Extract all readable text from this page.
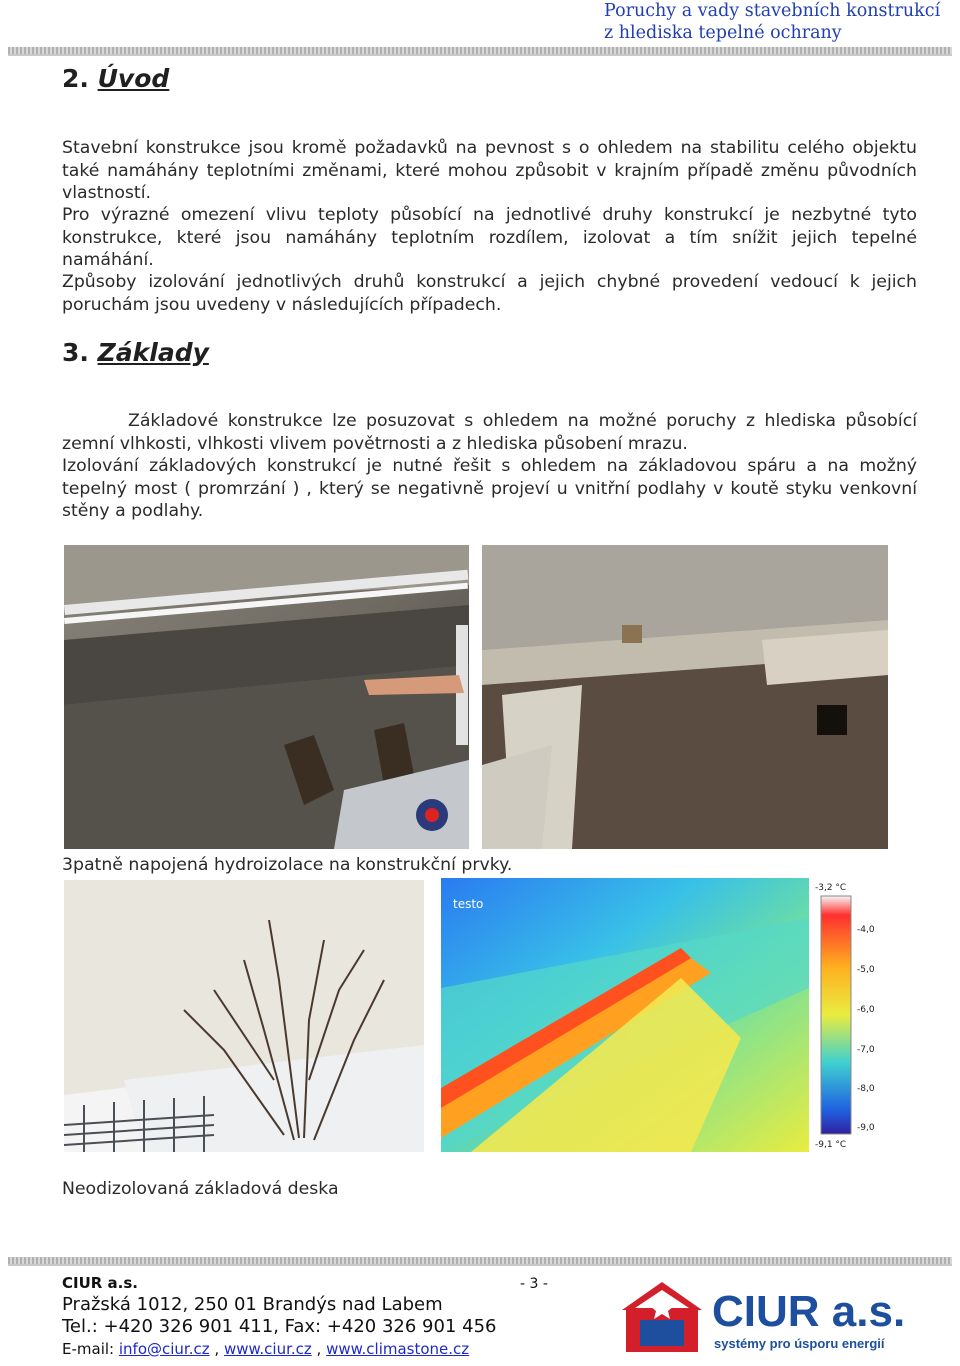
Poruchy a vady stavebních konstrukcí
z hlediska tepelné ochrany
2. Úvod

Stavební konstrukce jsou kromě požadavků na pevnost s o ohledem na stabilitu celého objektu také namáhány teplotními změnami, které mohou způsobit v krajním případě změnu původních vlastností.

Pro výrazné omezení vlivu teploty působící na jednotlivé druhy konstrukcí je nezbytné tyto konstrukce, které jsou namáhány teplotním rozdílem, izolovat a tím snížit jejich tepelné namáhání.

Způsoby izolování jednotlivých druhů konstrukcí a jejich chybné provedení vedoucí k jejich poruchám jsou uvedeny v následujících případech.

3. Základy

Základové konstrukce lze posuzovat s ohledem na možné poruchy z hlediska působící zemní vlhkosti, vlhkosti vlivem povětrnosti a z hlediska působení mrazu.

Izolování základových konstrukcí je nutné řešit s ohledem na základovou spáru a na možný tepelný most ( promrzání ) , který se negativně projeví u vnitřní podlahy v koutě styku venkovní stěny a podlahy.

3patně napojená hydroizolace na konstrukční prvky.
testo
-3,2 °C
-9,1 °C
-4,0
-5,0
-6,0
-7,0
-8,0
-9,0
Neodizolovaná základová deska
CIUR a.s.	- 3 -
Pražská 1012, 250 01 Brandýs nad Labem
Tel.: +420 326 901 411, Fax: +420 326 901 456
E-mail: info@ciur.cz , www.ciur.cz , www.climastone.cz
CIUR a.s.
systémy pro úsporu energií
